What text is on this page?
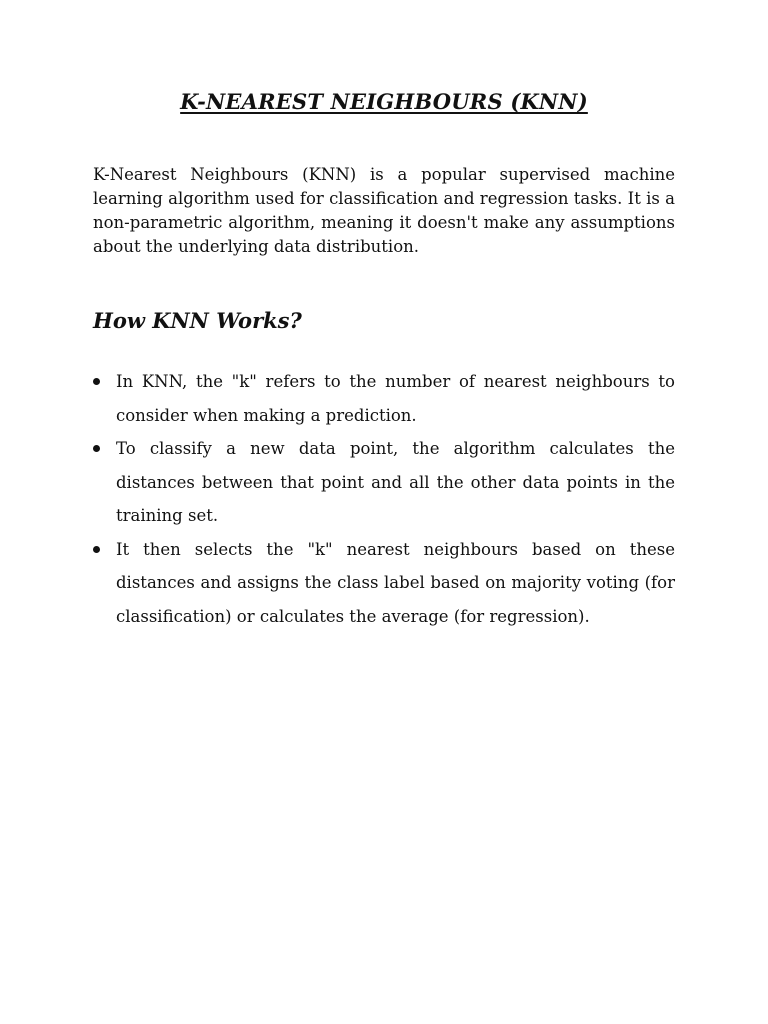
K-NEAREST NEIGHBOURS (KNN)

K-Nearest Neighbours (KNN) is a popular supervised machine learning algorithm used for classification and regression tasks. It is a non-parametric algorithm, meaning it doesn't make any assumptions about the underlying data distribution.

How KNN Works?
In KNN, the "k" refers to the number of nearest neighbours to consider when making a prediction.
To classify a new data point, the algorithm calculates the distances between that point and all the other data points in the training set.
It then selects the "k" nearest neighbours based on these distances and assigns the class label based on majority voting (for classification) or calculates the average (for regression).
